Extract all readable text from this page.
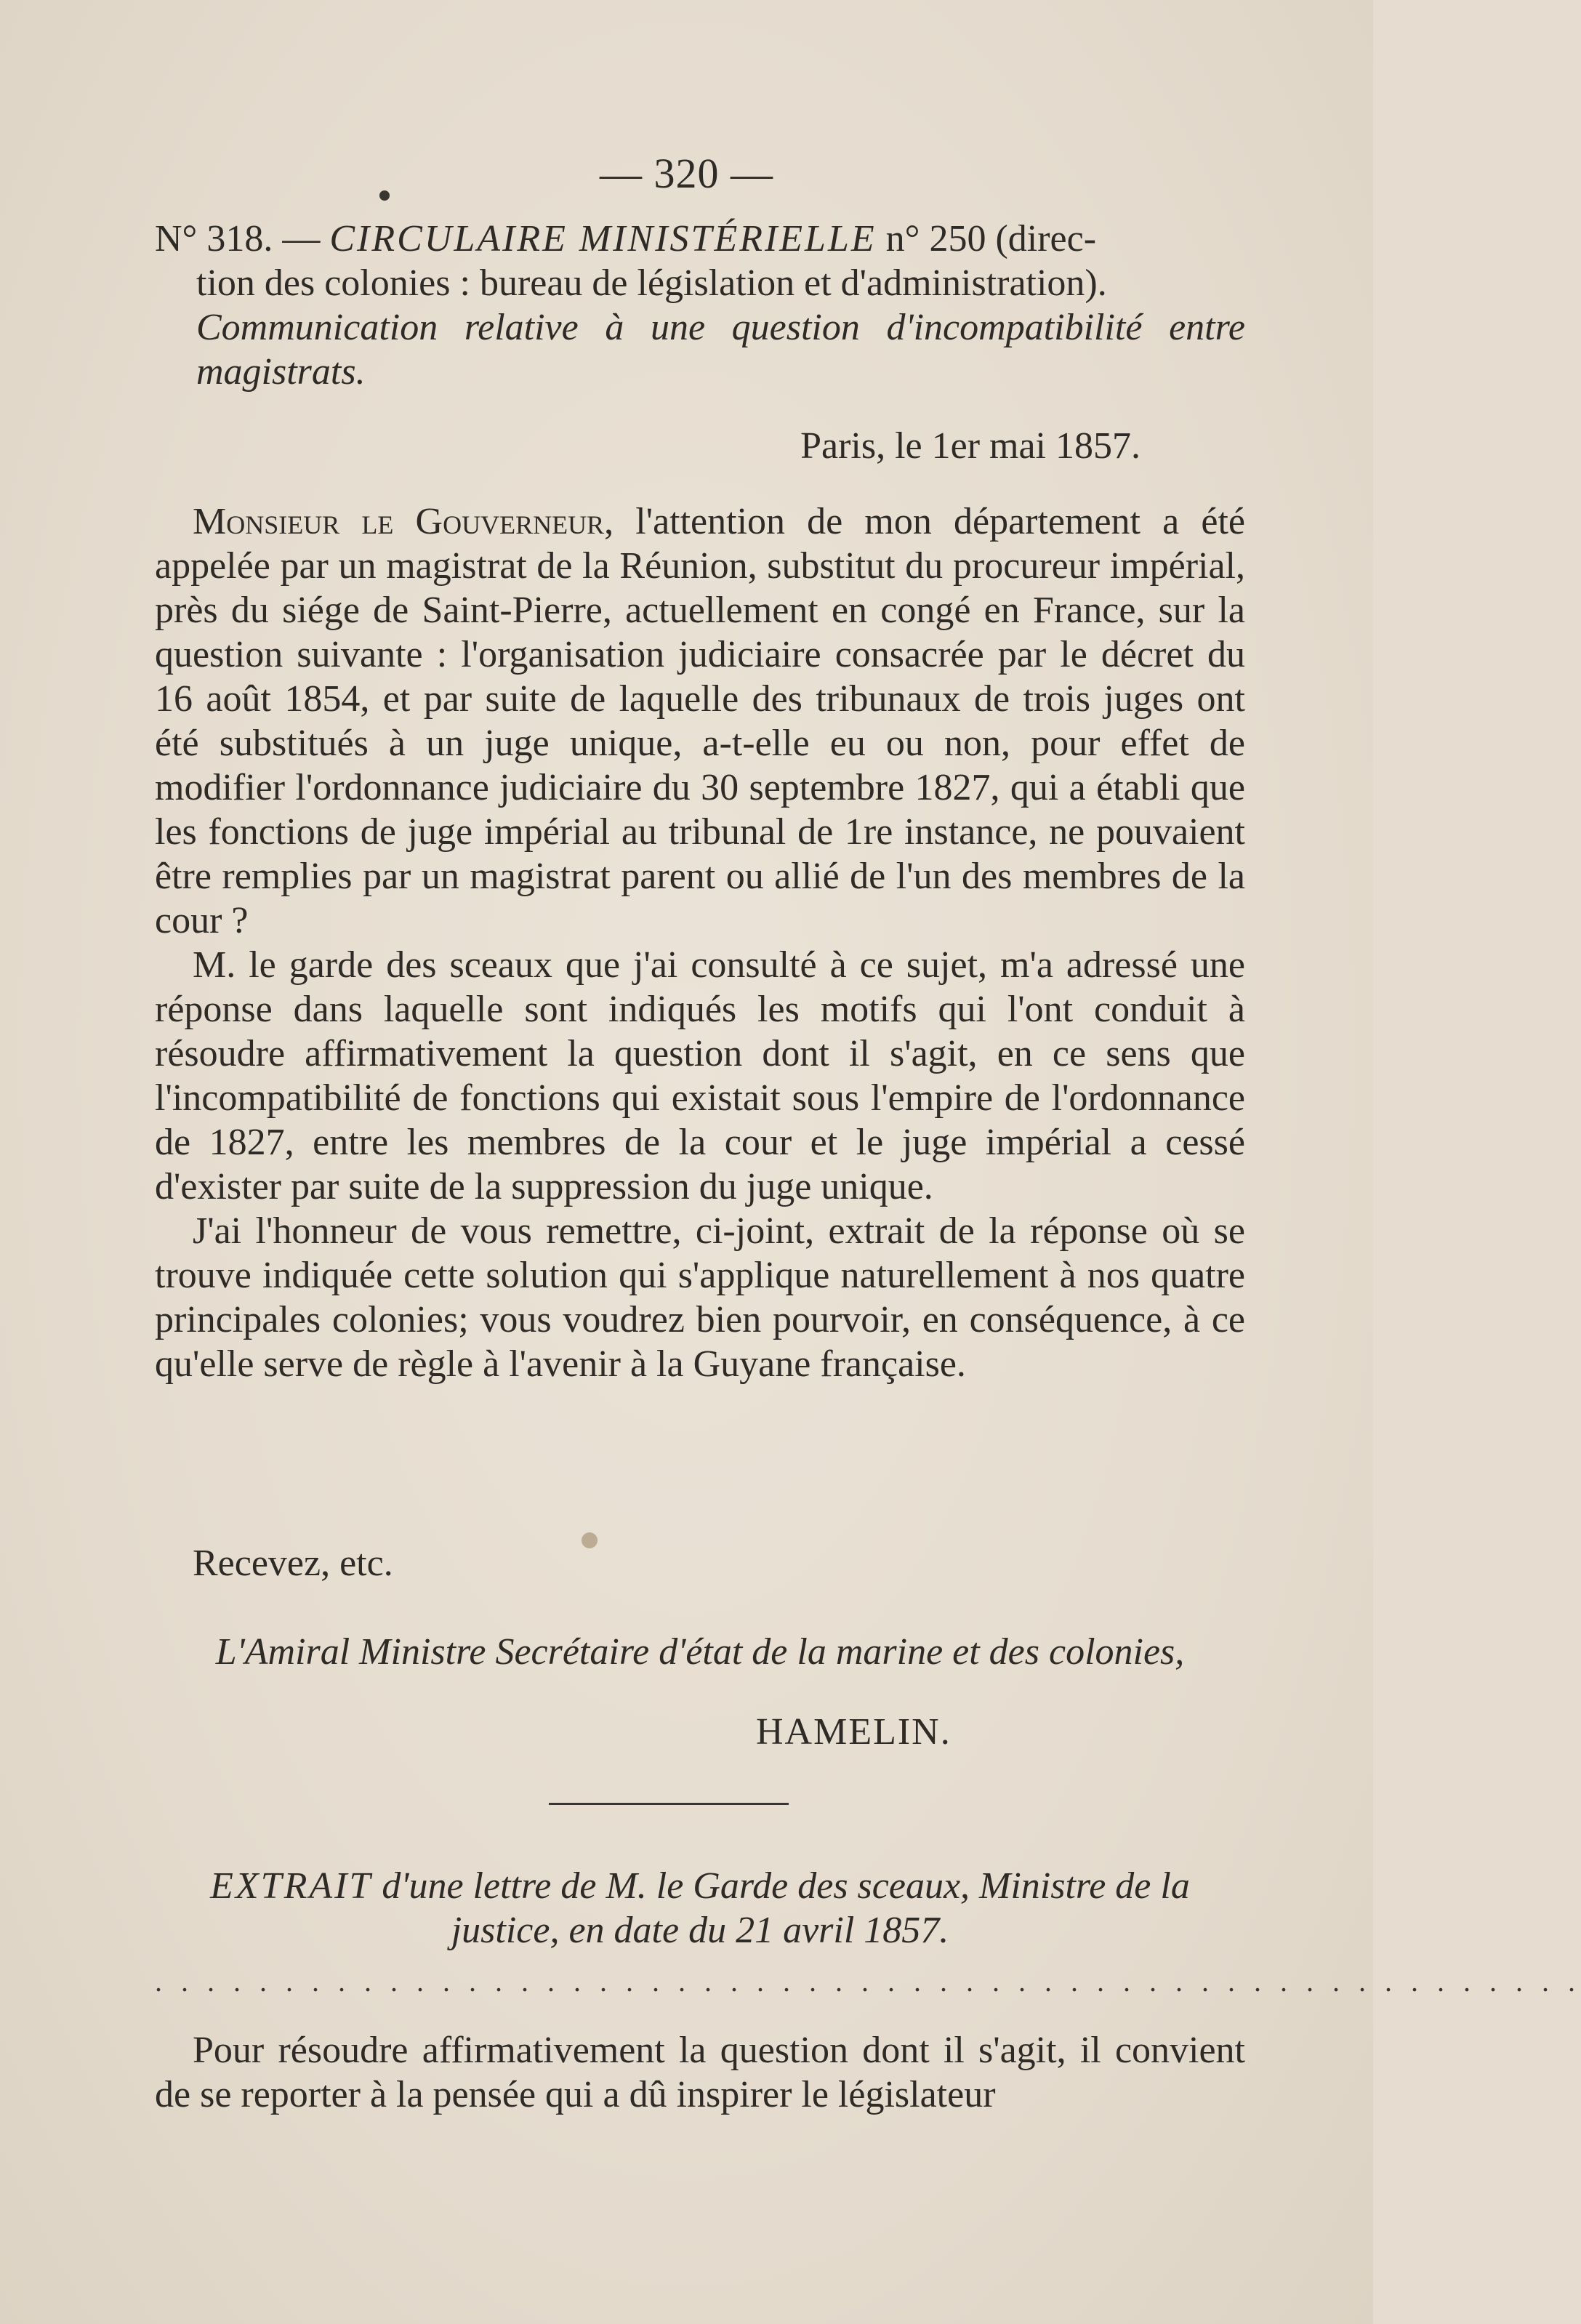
— 320 —
N° 318. — CIRCULAIRE MINISTÉRIELLE n° 250 (direc-
tion des colonies : bureau de législation et d'administration).
Communication relative à une question d'incompatibilité entre magistrats.
Paris, le 1er mai 1857.

Monsieur le Gouverneur, l'attention de mon département a été appelée par un magistrat de la Réunion, substitut du procureur impérial, près du siége de Saint-Pierre, actuellement en congé en France, sur la question suivante : l'organisation judiciaire consacrée par le décret du 16 août 1854, et par suite de laquelle des tribunaux de trois juges ont été substitués à un juge unique, a-t-elle eu ou non, pour effet de modifier l'ordonnance judiciaire du 30 septembre 1827, qui a établi que les fonctions de juge impérial au tribunal de 1re instance, ne pouvaient être remplies par un magistrat parent ou allié de l'un des membres de la cour ?

M. le garde des sceaux que j'ai consulté à ce sujet, m'a adressé une réponse dans laquelle sont indiqués les motifs qui l'ont conduit à résoudre affirmativement la question dont il s'agit, en ce sens que l'incompatibilité de fonctions qui existait sous l'empire de l'ordonnance de 1827, entre les membres de la cour et le juge impérial a cessé d'exister par suite de la suppression du juge unique.

J'ai l'honneur de vous remettre, ci-joint, extrait de la réponse où se trouve indiquée cette solution qui s'applique naturellement à nos quatre principales colonies; vous voudrez bien pourvoir, en conséquence, à ce qu'elle serve de règle à l'avenir à la Guyane française.

Recevez, etc.
L'Amiral Ministre Secrétaire d'état de la marine et des colonies,
HAMELIN.
EXTRAIT d'une lettre de M. le Garde des sceaux, Ministre de la justice, en date du 21 avril 1857.
. . . . . . . . . . . . . . . . . . . . . . . . . . . . . . . . . . . . . . . . . . . . . . . . . . . . . . .
Pour résoudre affirmativement la question dont il s'agit, il convient de se reporter à la pensée qui a dû inspirer le législateur
